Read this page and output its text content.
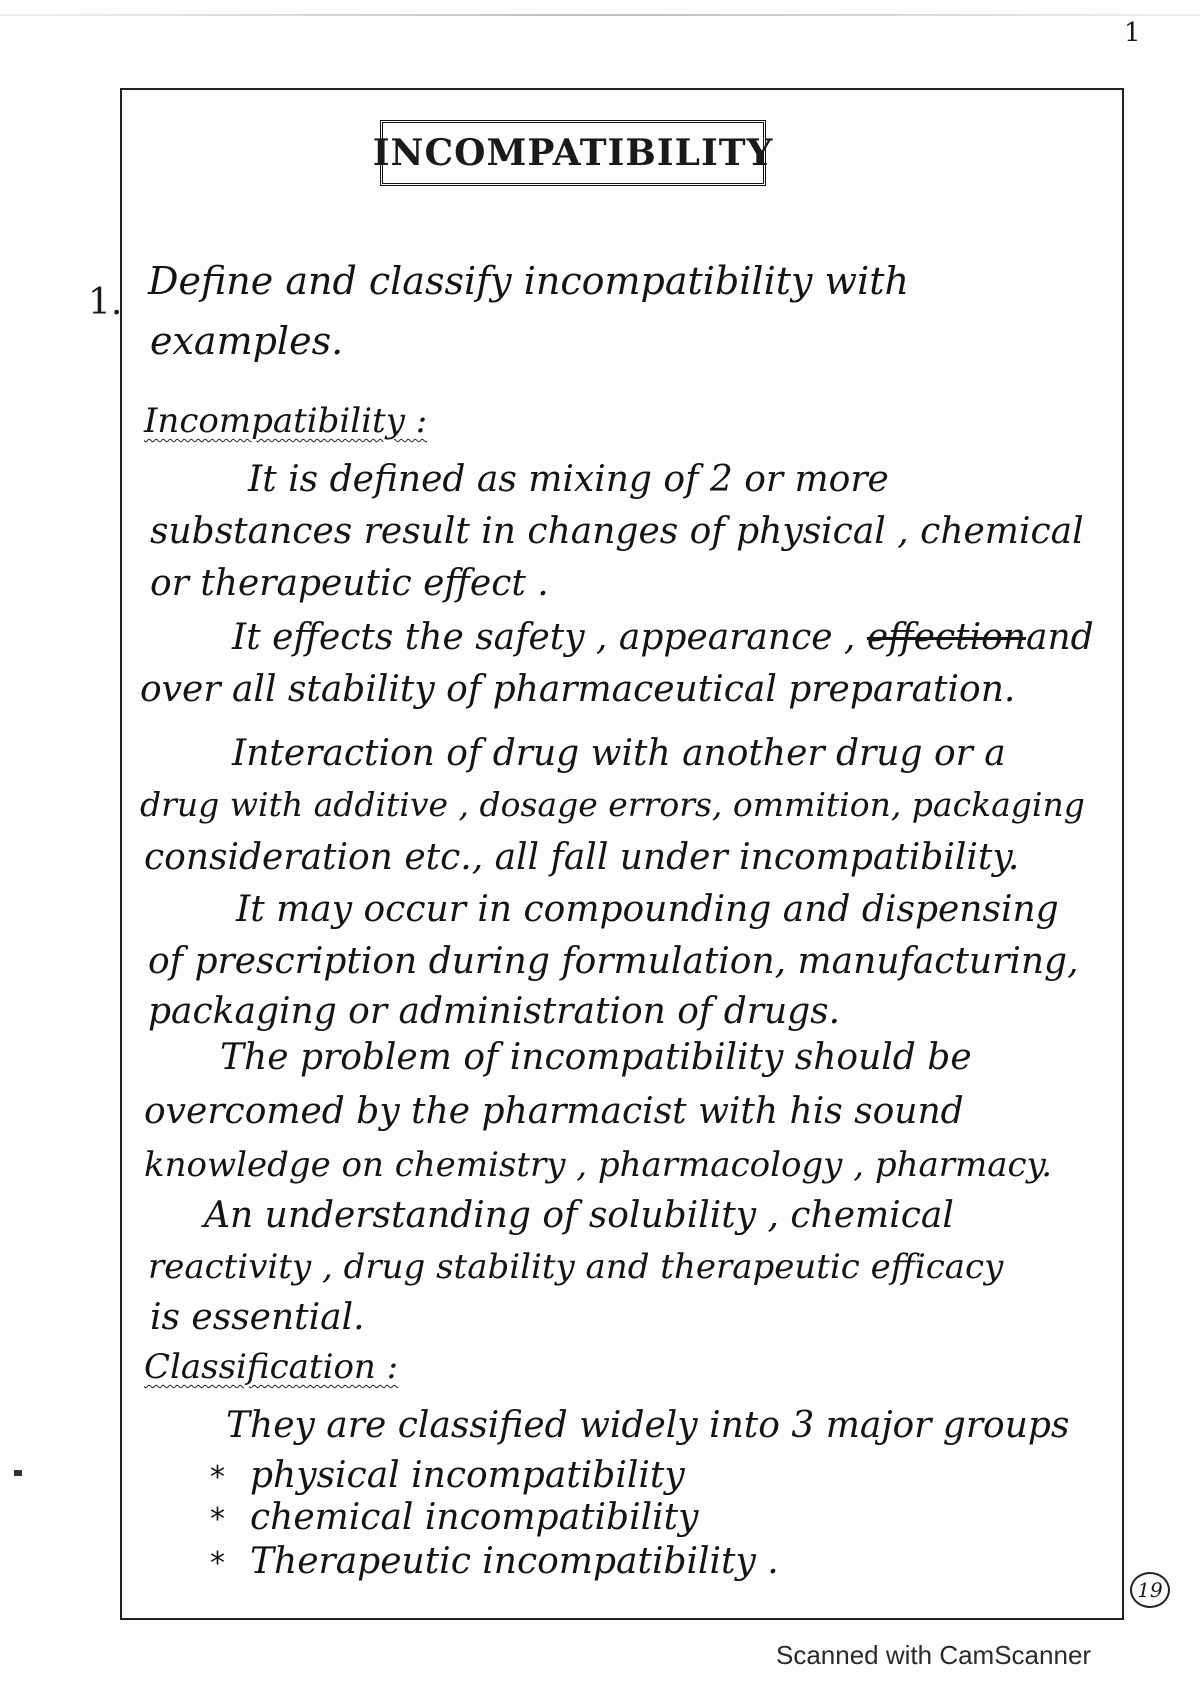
1
INCOMPATIBILITY
1. Define and classify incompatibility with
examples.
Incompatibility :
It is defined as mixing of 2 or more
substances result in changes of physical , chemical
or therapeutic effect .
It effects the safety , appearance , effectionand
over all stability of pharmaceutical preparation.
Interaction of drug with another drug or a
drug with additive , dosage errors, ommition, packaging
consideration etc., all fall under incompatibility.
It may occur in compounding and dispensing
of prescription during formulation, manufacturing,
packaging or administration of drugs.
The problem of incompatibility should be
overcomed by the pharmacist with his sound
knowledge on chemistry , pharmacology , pharmacy.
An understanding of solubility , chemical
reactivity , drug stability and therapeutic efficacy
is essential.
Classification :
They are classified widely into 3 major groups
* physical incompatibility
* chemical incompatibility
* Therapeutic incompatibility .
19
Scanned with CamScanner
